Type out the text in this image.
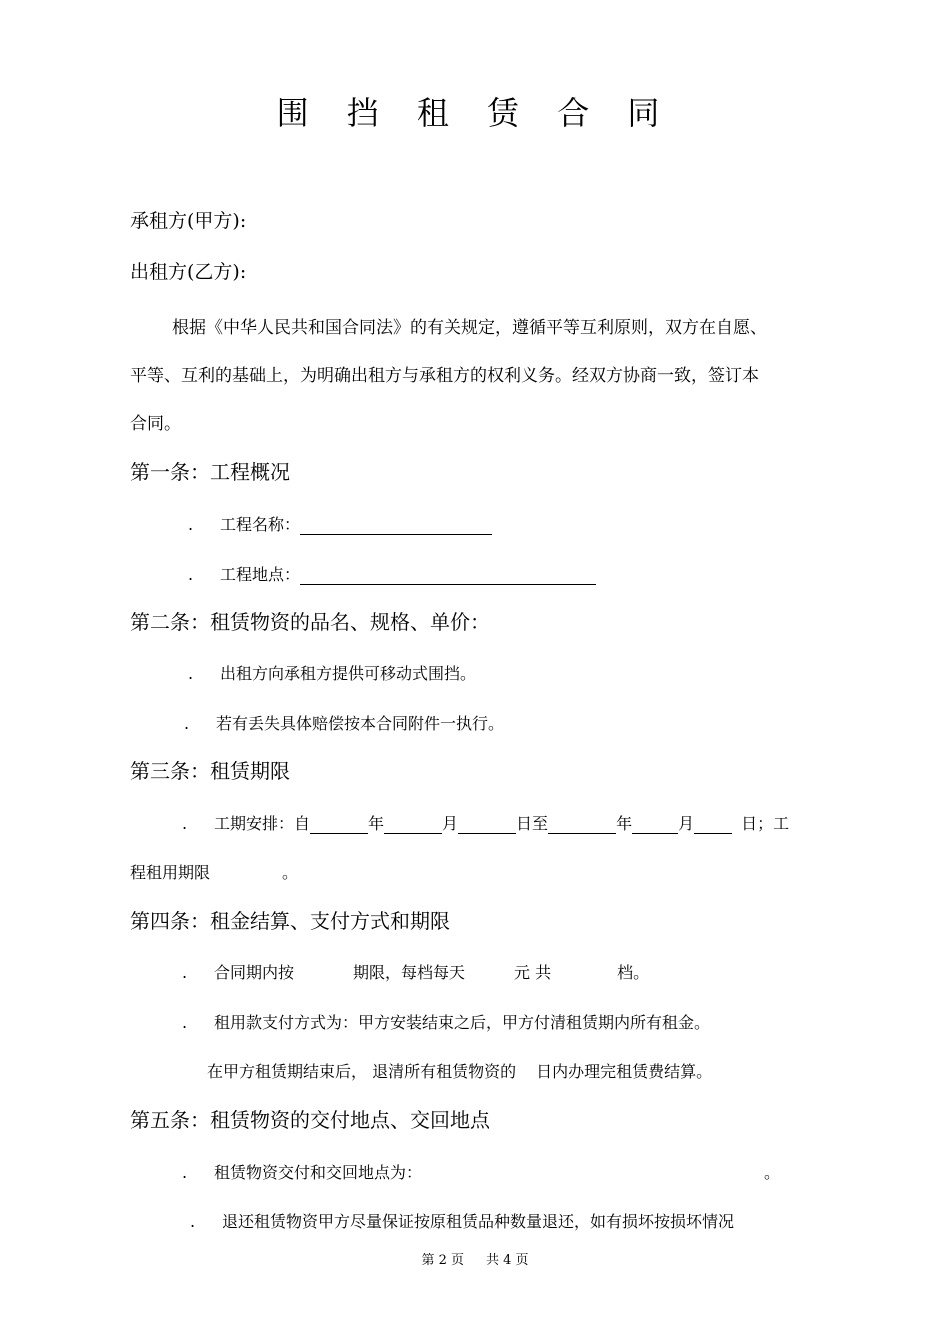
围 挡 租 赁 合 同
承租方(甲方):
出租方(乙方):
根据《中华人民共和国合同法》的有关规定，遵循平等互利原则，双方在自愿、
平等、互利的基础上，为明确出租方与承租方的权利义务。经双方协商一致，签订本
合同。
第一条：工程概况
. 工程名称：
. 工程地点：
第二条：租赁物资的品名、规格、单价：
. 出租方向承租方提供可移动式围挡。
. 若有丢失具体赔偿按本合同附件一执行。
第三条：租赁期限
. 工期安排：自	年	月	日至	年	月	日；工
程租用期限	。
第四条：租金结算、支付方式和期限
. 合同期内按	期限，每档每天	元 共	档。
. 租用款支付方式为：甲方安装结束之后，甲方付清租赁期内所有租金。
在甲方租赁期结束后， 退清所有租赁物资的 日内办理完租赁费结算。
第五条：租赁物资的交付地点、交回地点
. 租赁物资交付和交回地点为：	。
. 退还租赁物资甲方尽量保证按原租赁品种数量退还，如有损坏按损坏情况
第 2 页 共 4 页
